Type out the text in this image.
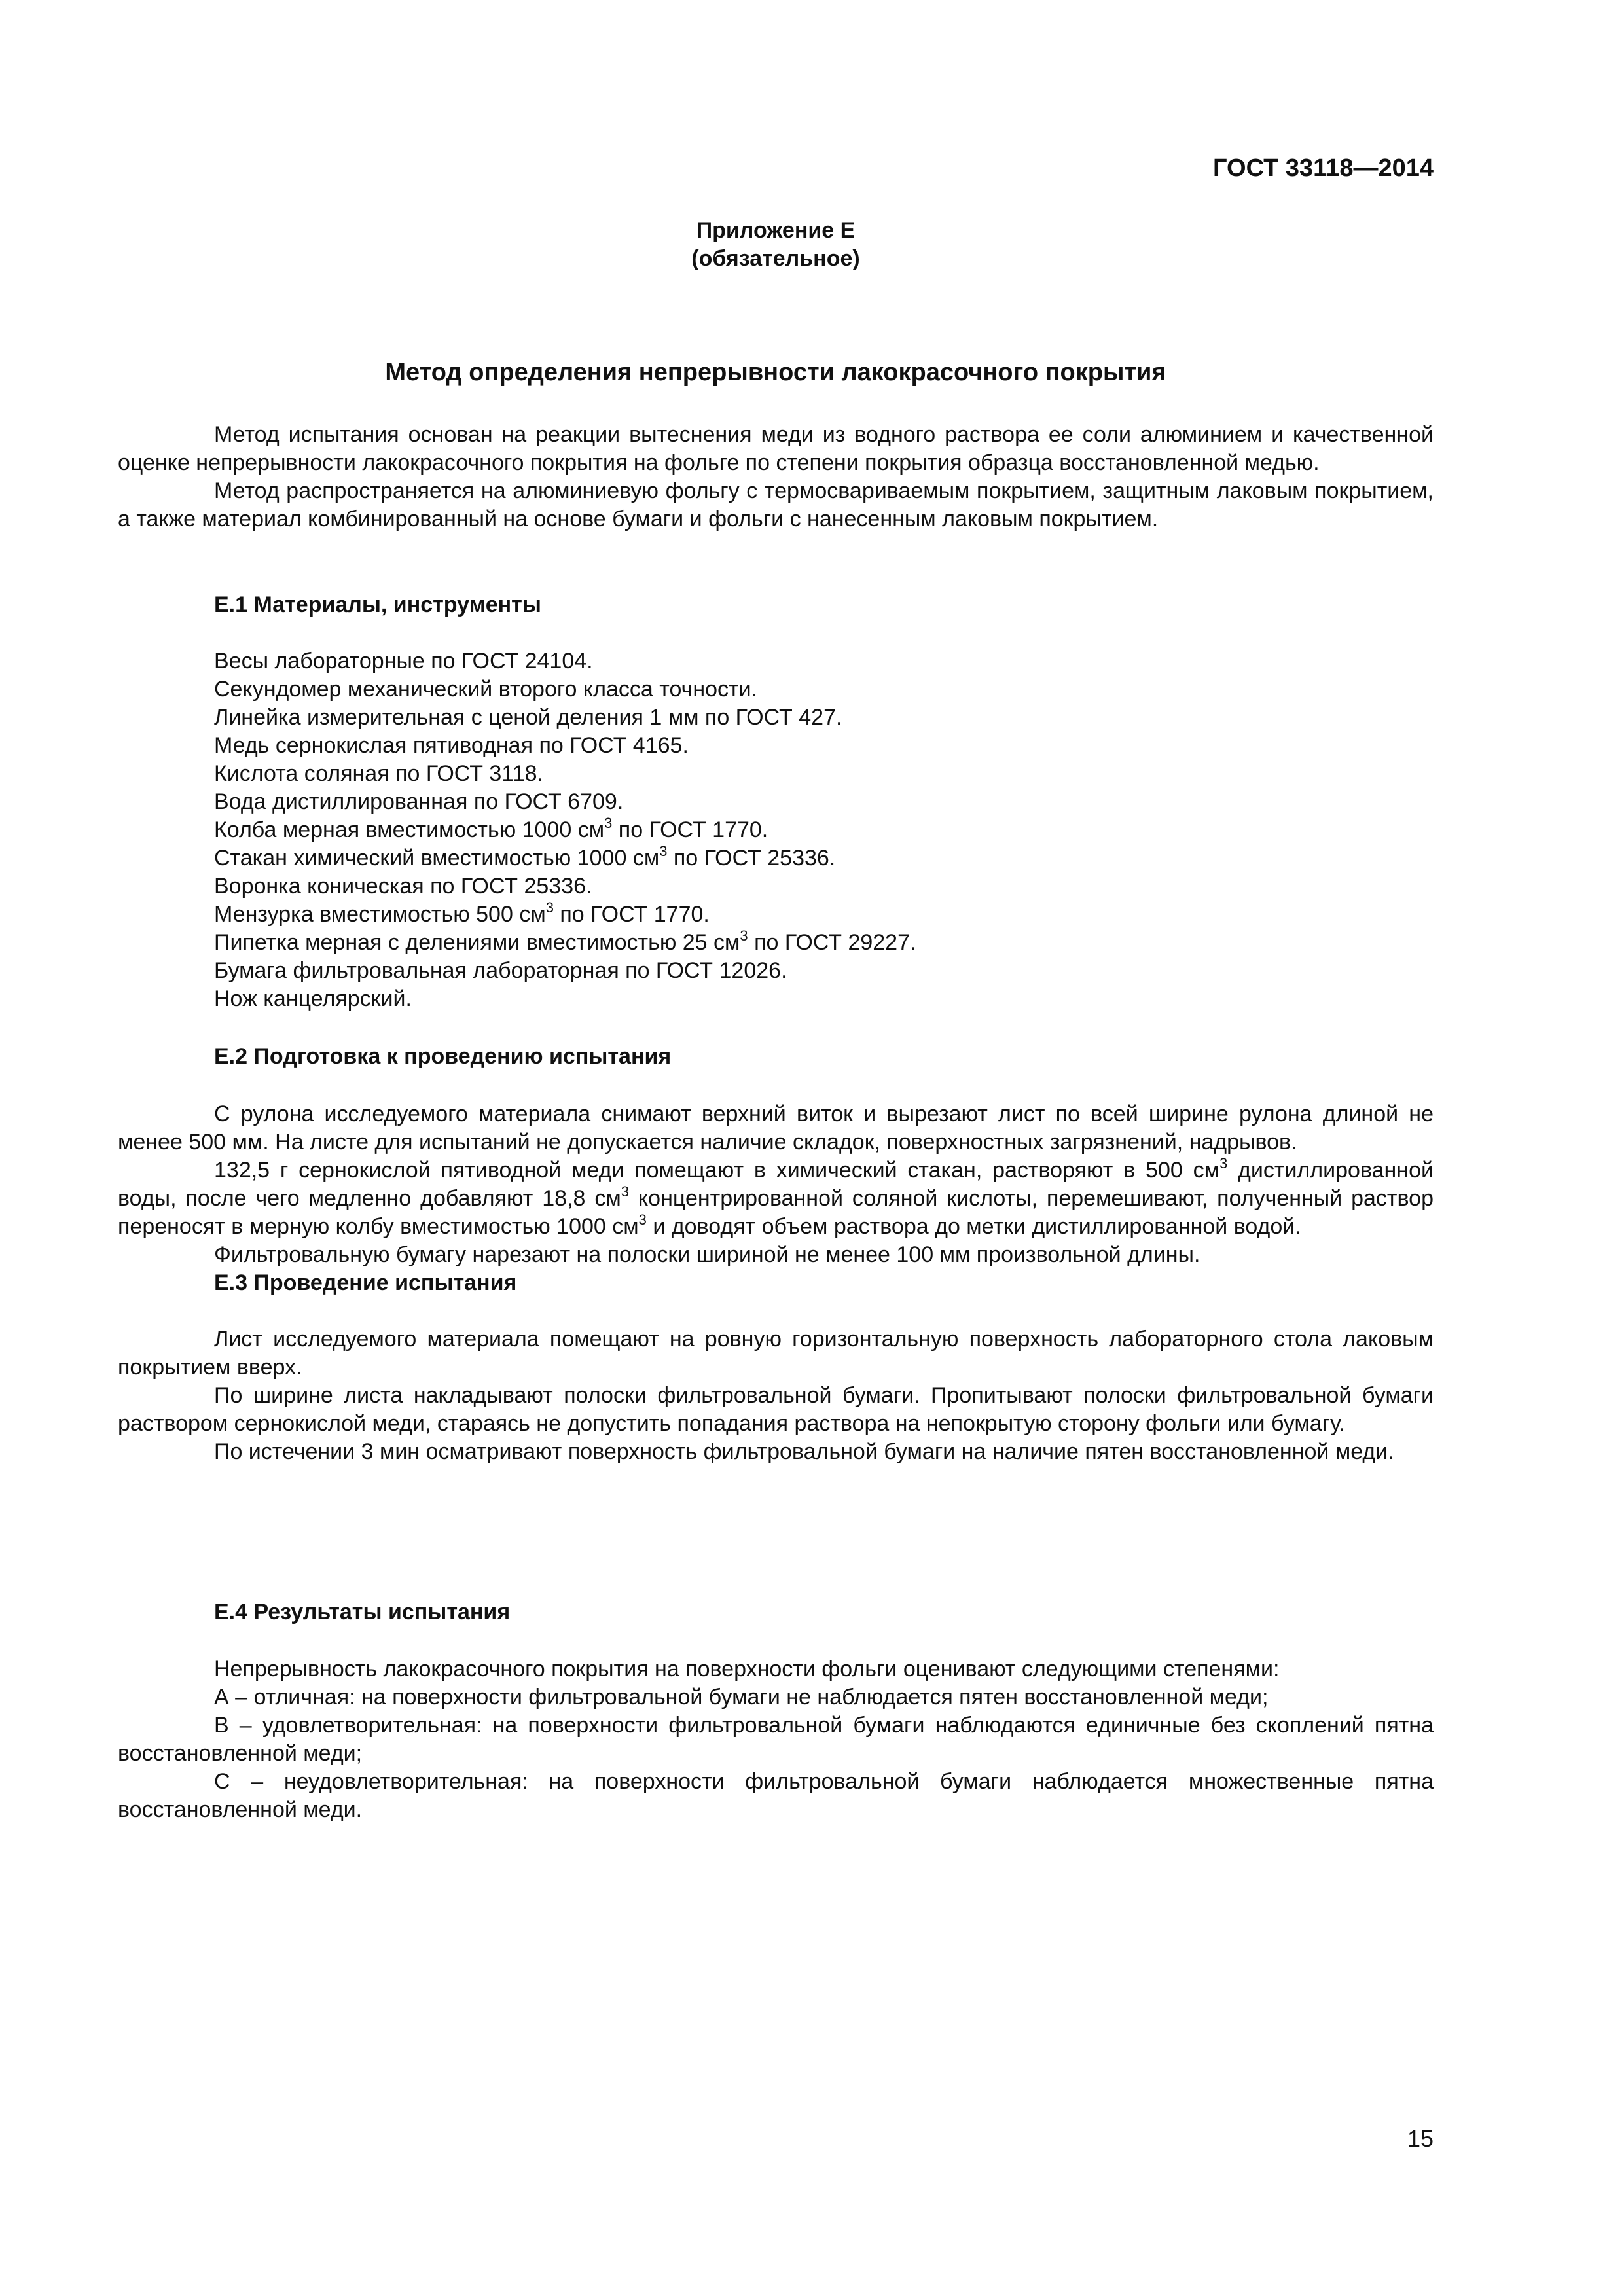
ГОСТ 33118—2014
Приложение Е
(обязательное)
Метод определения непрерывности лакокрасочного покрытия

Метод испытания основан на реакции вытеснения меди из водного раствора ее соли алюминием и качественной оценке непрерывности лакокрасочного покрытия на фольге по степени покрытия образца восстановленной медью.

Метод распространяется на алюминиевую фольгу с термосвариваемым покрытием, защитным лаковым покрытием, а также материал комбинированный на основе бумаги и фольги с нанесенным лаковым покрытием.

Е.1 Материалы, инструменты
Весы лабораторные по ГОСТ 24104.
Секундомер механический второго класса точности.
Линейка измерительная с ценой деления 1 мм по ГОСТ 427.
Медь сернокислая пятиводная по ГОСТ 4165.
Кислота соляная по ГОСТ 3118.
Вода дистиллированная по ГОСТ 6709.
Колба мерная вместимостью 1000 $см^3$ по ГОСТ 1770.
Стакан химический вместимостью 1000 $см^3$ по ГОСТ 25336.
Воронка коническая по ГОСТ 25336.
Мензурка вместимостью 500 $см^3$ по ГОСТ 1770.
Пипетка мерная с делениями вместимостью 25 $см^3$ по ГОСТ 29227.
Бумага фильтровальная лабораторная по ГОСТ 12026.
Нож канцелярский.
Е.2 Подготовка к проведению испытания

С рулона исследуемого материала снимают верхний виток и вырезают лист по всей ширине рулона длиной не менее 500 мм. На листе для испытаний не допускается наличие складок, поверхностных загрязнений, надрывов.

132,5 г сернокислой пятиводной меди помещают в химический стакан, растворяют в 500 $см^3$ дистиллированной воды, после чего медленно добавляют 18,8 $см^3$ концентрированной соляной кислоты, перемешивают, полученный раствор переносят в мерную колбу вместимостью 1000 $см^3$ и доводят объем раствора до метки дистиллированной водой.

Фильтровальную бумагу нарезают на полоски шириной не менее 100 мм произвольной длины.

Е.3 Проведение испытания

Лист исследуемого материала помещают на ровную горизонтальную поверхность лабораторного стола лаковым покрытием вверх.

По ширине листа накладывают полоски фильтровальной бумаги. Пропитывают полоски фильтровальной бумаги раствором сернокислой меди, стараясь не допустить попадания раствора на непокрытую сторону фольги или бумагу.

По истечении 3 мин осматривают поверхность фильтровальной бумаги на наличие пятен восстановленной меди.

Е.4 Результаты испытания

Непрерывность лакокрасочного покрытия на поверхности фольги оценивают следующими степенями:

А – отличная: на поверхности фильтровальной бумаги не наблюдается пятен восстановленной меди;

В – удовлетворительная: на поверхности фильтровальной бумаги наблюдаются единичные без скоплений пятна восстановленной меди;

С – неудовлетворительная: на поверхности фильтровальной бумаги наблюдается множественные пятна восстановленной меди.

15
